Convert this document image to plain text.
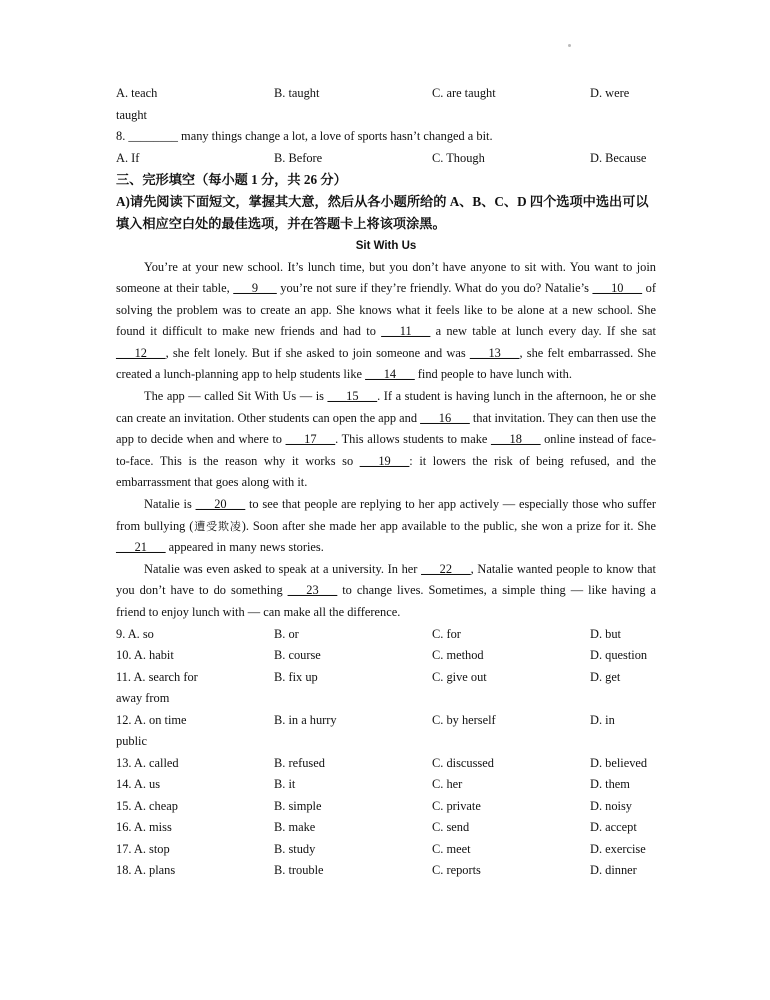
A. teach	B. taught	C. are taught	D. were
taught
8. ________ many things change a lot, a love of sports hasn’t changed a bit.
A. If	B. Before	C. Though	D. Because
三、完形填空（每小题 1 分，共 26 分）
A)请先阅读下面短文，掌握其大意，然后从各小题所给的 A、B、C、D 四个选项中选出可以填入相应空白处的最佳选项，并在答题卡上将该项涂黑。
Sit With Us
You’re at your new school. It’s lunch time, but you don’t have anyone to sit with. You want to join someone at their table, ___9___ you’re not sure if they’re friendly. What do you do? Natalie’s ___10___ of solving the problem was to create an app. She knows what it feels like to be alone at a new school. She found it difficult to make new friends and had to ___11___ a new table at lunch every day. If she sat ___12___, she felt lonely. But if she asked to join someone and was ___13___, she felt embarrassed. She created a lunch-planning app to help students like ___14___ find people to have lunch with.
The app — called Sit With Us — is ___15___. If a student is having lunch in the afternoon, he or she can create an invitation. Other students can open the app and ___16___ that invitation. They can then use the app to decide when and where to ___17___. This allows students to make ___18___ online instead of face-to-face. This is the reason why it works so ___19___: it lowers the risk of being refused, and the embarrassment that goes along with it.
Natalie is ___20___ to see that people are replying to her app actively — especially those who suffer from bullying (遭受欺凌). Soon after she made her app available to the public, she won a prize for it. She ___21___ appeared in many news stories.
Natalie was even asked to speak at a university. In her ___22___, Natalie wanted people to know that you don’t have to do something ___23___ to change lives. Sometimes, a simple thing — like having a friend to enjoy lunch with — can make all the difference.
9. A. so	B. or	C. for	D. but
10. A. habit	B. course	C. method	D. question
11. A. search for	B. fix up	C. give out	D. get
away from
12. A. on time	B. in a hurry	C. by herself	D. in
public
13. A. called	B. refused	C. discussed	D. believed
14. A. us	B. it	C. her	D. them
15. A. cheap	B. simple	C. private	D. noisy
16. A. miss	B. make	C. send	D. accept
17. A. stop	B. study	C. meet	D. exercise
18. A. plans	B. trouble	C. reports	D. dinner
